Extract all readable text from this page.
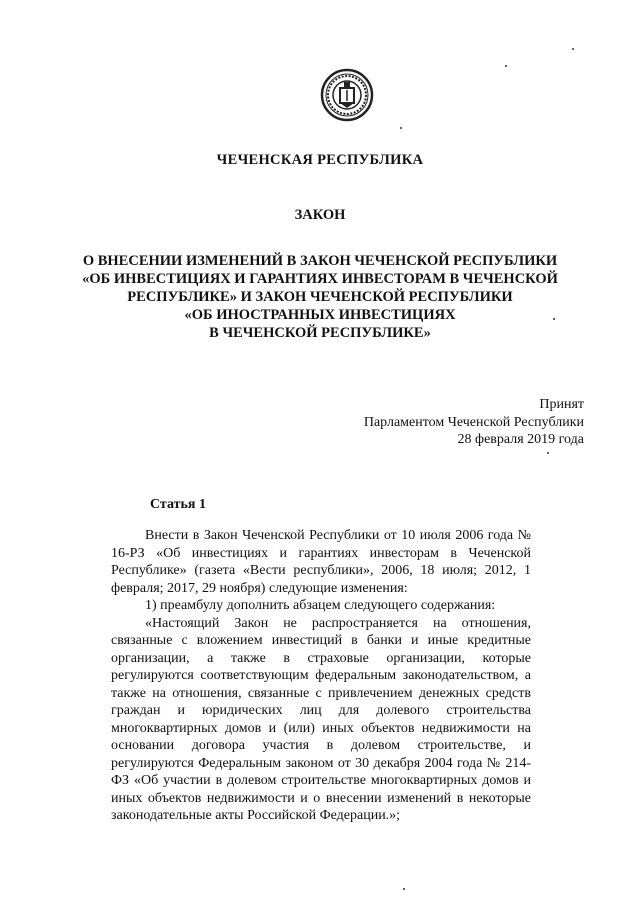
ЧЕЧЕНСКАЯ РЕСПУБЛИКА
ЗАКОН
О ВНЕСЕНИИ ИЗМЕНЕНИЙ В ЗАКОН ЧЕЧЕНСКОЙ РЕСПУБЛИКИ
«ОБ ИНВЕСТИЦИЯХ И ГАРАНТИЯХ ИНВЕСТОРАМ В ЧЕЧЕНСКОЙ
РЕСПУБЛИКЕ» И ЗАКОН ЧЕЧЕНСКОЙ РЕСПУБЛИКИ
«ОБ ИНОСТРАННЫХ ИНВЕСТИЦИЯХ
В ЧЕЧЕНСКОЙ РЕСПУБЛИКЕ»
Принят
Парламентом Чеченской Республики
28 февраля 2019 года
Статья 1

Внести в Закон Чеченской Республики от 10 июля 2006 года № 16-РЗ «Об инвестициях и гарантиях инвесторам в Чеченской Республике» (газета «Вести республики», 2006, 18 июля; 2012, 1 февраля; 2017, 29 ноября) следующие изменения:

1) преамбулу дополнить абзацем следующего содержания:

«Настоящий Закон не распространяется на отношения, связанные с вложением инвестиций в банки и иные кредитные организации, а также в страховые организации, которые регулируются соответствующим федеральным законодательством, а также на отношения, связанные с привлечением денежных средств граждан и юридических лиц для долевого строительства многоквартирных домов и (или) иных объектов недвижимости на основании договора участия в долевом строительстве, и регулируются Федеральным законом от 30 декабря 2004 года № 214-ФЗ «Об участии в долевом строительстве многоквартирных домов и иных объектов недвижимости и о внесении изменений в некоторые законодательные акты Российской Федерации.»;
